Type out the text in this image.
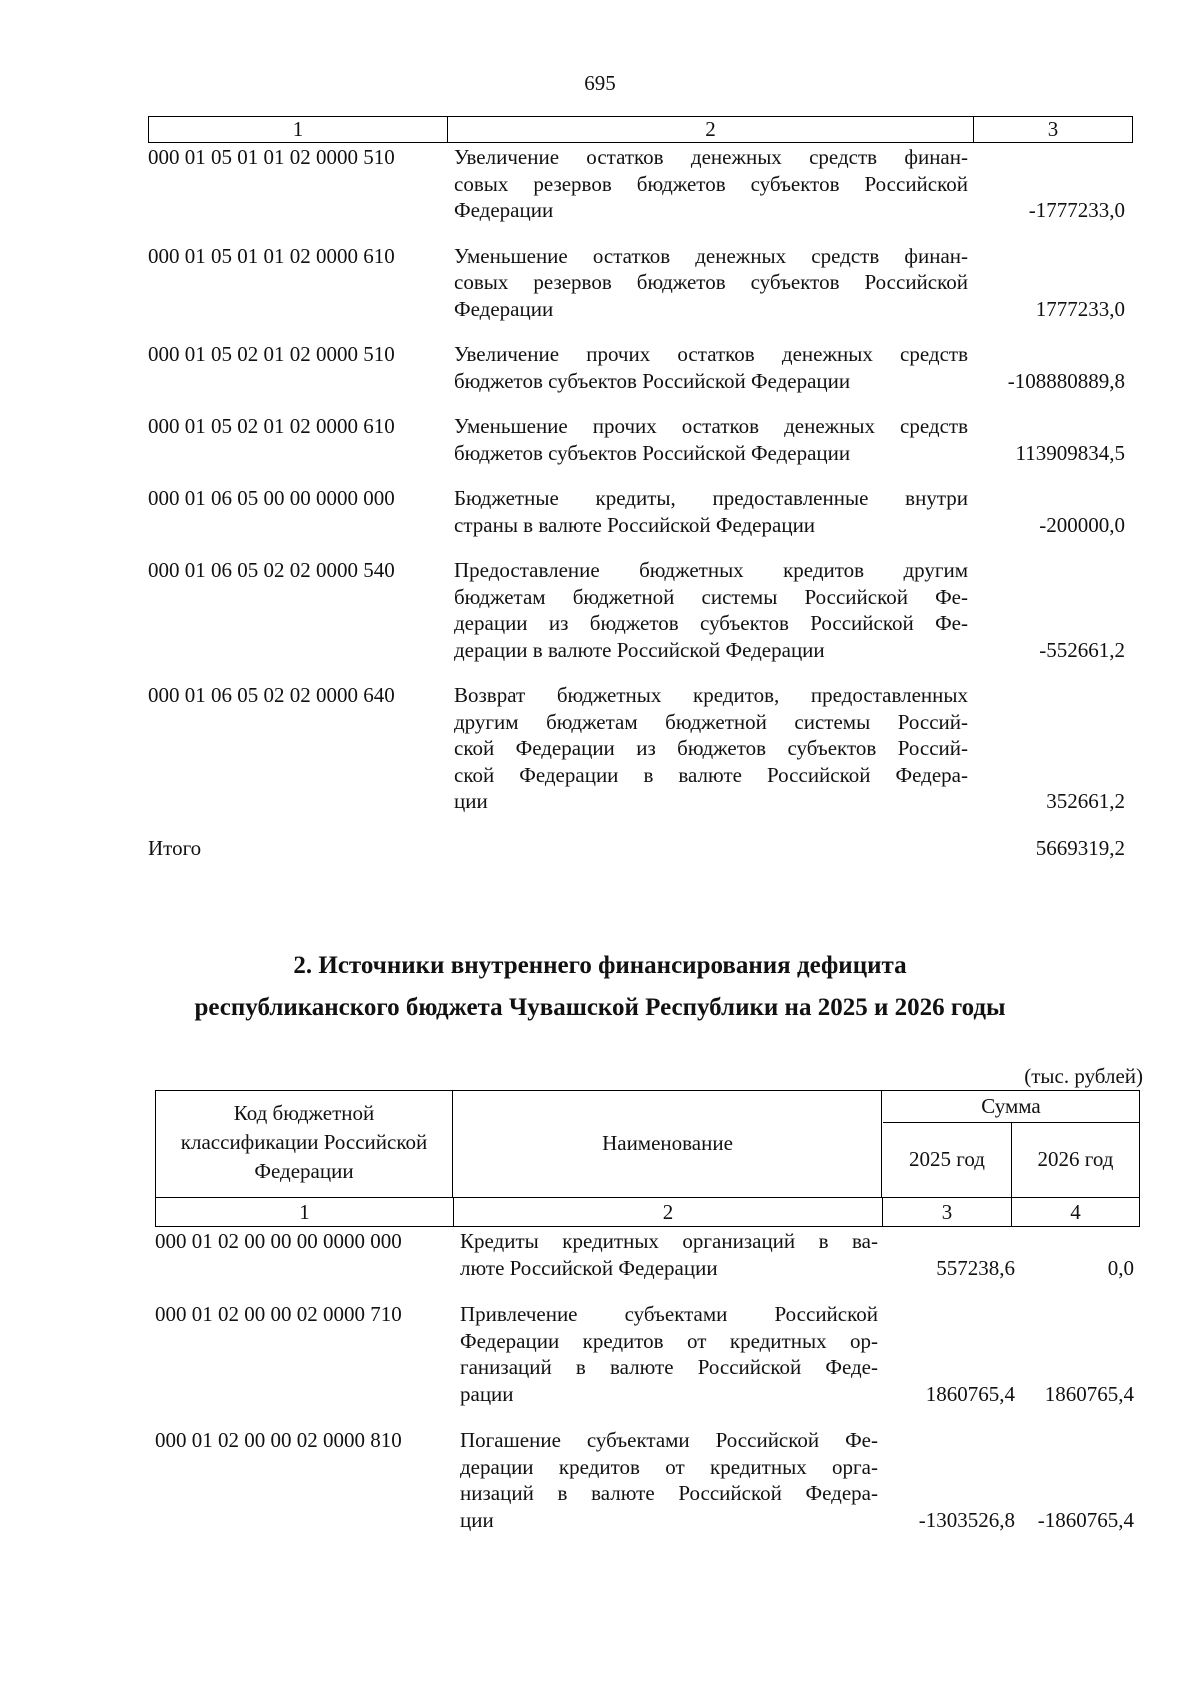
695
1	2	3
000 01 05 01 01 02 0000 510	Увеличение остатков денежных средств финан-
совых резервов бюджетов субъектов Российской
Федерации	-1777233,0
000 01 05 01 01 02 0000 610	Уменьшение остатков денежных средств финан-
совых резервов бюджетов субъектов Российской
Федерации	1777233,0
000 01 05 02 01 02 0000 510	Увеличение прочих остатков денежных средств
бюджетов субъектов Российской Федерации	-108880889,8
000 01 05 02 01 02 0000 610	Уменьшение прочих остатков денежных средств
бюджетов субъектов Российской Федерации	113909834,5
000 01 06 05 00 00 0000 000	Бюджетные кредиты, предоставленные внутри
страны в валюте Российской Федерации	-200000,0
000 01 06 05 02 02 0000 540	Предоставление бюджетных кредитов другим
бюджетам бюджетной системы Российской Фе-
дерации из бюджетов субъектов Российской Фе-
дерации в валюте Российской Федерации	-552661,2
000 01 06 05 02 02 0000 640	Возврат бюджетных кредитов, предоставленных
другим бюджетам бюджетной системы Россий-
ской Федерации из бюджетов субъектов Россий-
ской Федерации в валюте Российской Федера-
ции	352661,2
Итого	5669319,2
2. Источники внутреннего финансирования дефицита
республиканского бюджета Чувашской Республики на 2025 и 2026 годы
(тыс. рублей)
Код бюджетной
классификации Российской
Федерации
Наименование
Сумма
2025 год	2026 год
1	2	3	4
000 01 02 00 00 00 0000 000	Кредиты кредитных организаций в ва-
люте Российской Федерации	557238,6	0,0
000 01 02 00 00 02 0000 710	Привлечение субъектами Российской
Федерации кредитов от кредитных ор-
ганизаций в валюте Российской Феде-
рации	1860765,4	1860765,4
000 01 02 00 00 02 0000 810	Погашение субъектами Российской Фе-
дерации кредитов от кредитных орга-
низаций в валюте Российской Федера-
ции	-1303526,8	-1860765,4
